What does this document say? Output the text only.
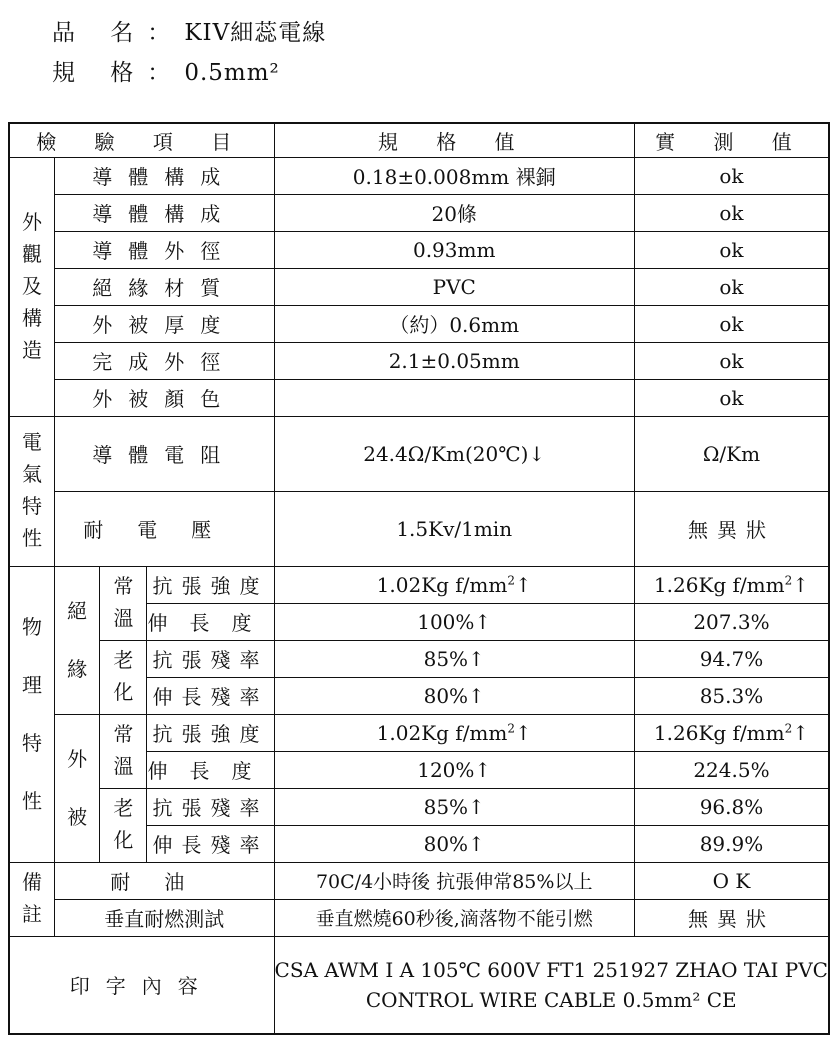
品 名：KIV細蕊電線
規 格：0.5mm²
檢 驗 項 目				規 格 值	實 測 值
外觀及構造	導體構成			0.18±0.008mm 裸銅	ok
	導體構成			20條	ok
	導體外徑			0.93mm	ok
	絕緣材質			PVC	ok
	外被厚度			（約）0.6mm	ok
	完成外徑			2.1±0.05mm	ok
	外被顏色				ok
電氣特性	導體電阻			24.4Ω/Km(20℃)↓	Ω/Km
	耐電壓			1.5Kv/1min	無異狀
物理特性	絕緣	常溫	抗張強度	1.02Kg $f/mm^2↑$	1.26Kg $f/mm^2↑$
			伸長度	100%↑	207.3%
		老化	抗張殘率	85%↑	94.7%
			伸長殘率	80%↑	85.3%
	外被	常溫	抗張強度	1.02Kg $f/mm^2↑$	1.26Kg $f/mm^2↑$
			伸長度	120%↑	224.5%
		老化	抗張殘率	85%↑	96.8%
			伸長殘率	80%↑	89.9%
備註	耐油			70C/4小時後 抗張伸常85%以上	O K
	垂直耐燃測試			垂直燃燒60秒後,滴落物不能引燃	無異狀
印字內容				CSA AWM I A 105℃ 600V FT1 251927 ZHAO TAI PVC
CONTROL WIRE CABLE 0.5mm² CE	
